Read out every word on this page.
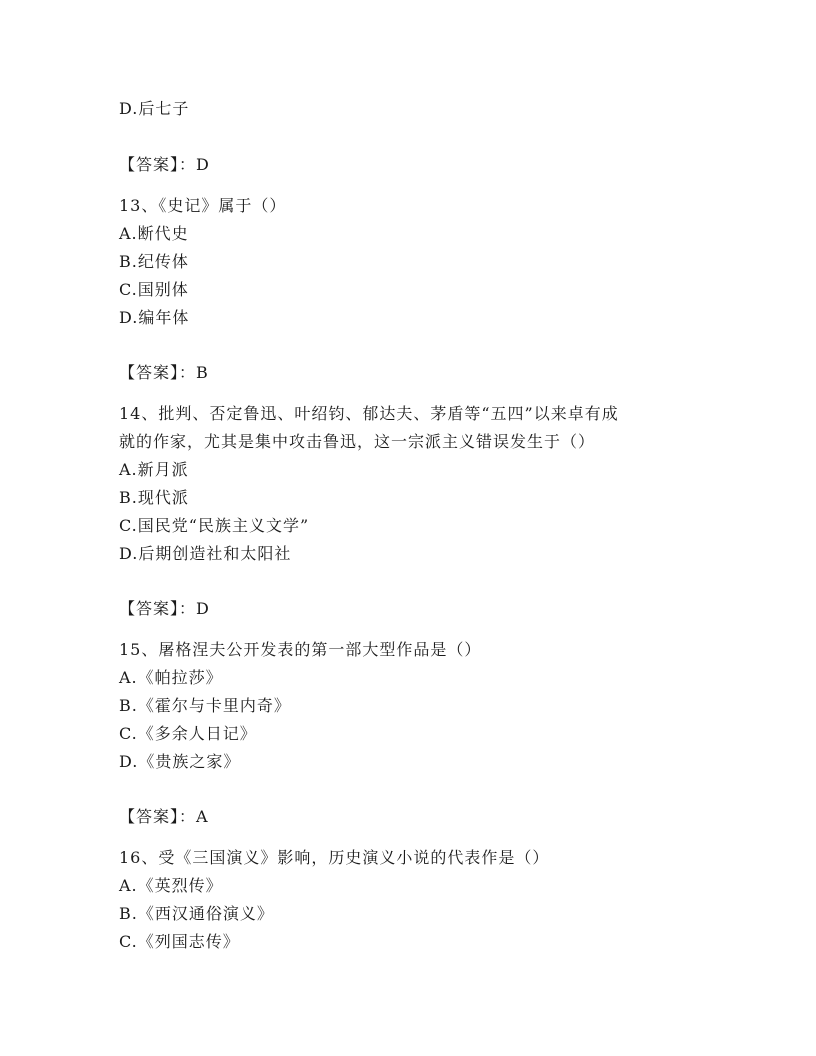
D.后七子
【答案】：D
13、《史记》属于（）
A.断代史
B.纪传体
C.国别体
D.编年体
【答案】：B
14、批判、否定鲁迅、叶绍钧、郁达夫、茅盾等“五四”以来卓有成
就的作家，尤其是集中攻击鲁迅，这一宗派主义错误发生于（）
A.新月派
B.现代派
C.国民党“民族主义文学”
D.后期创造社和太阳社
【答案】：D
15、屠格涅夫公开发表的第一部大型作品是（）
A.《帕拉莎》
B.《霍尔与卡里内奇》
C.《多余人日记》
D.《贵族之家》
【答案】：A
16、受《三国演义》影响，历史演义小说的代表作是（）
A.《英烈传》
B.《西汉通俗演义》
C.《列国志传》
